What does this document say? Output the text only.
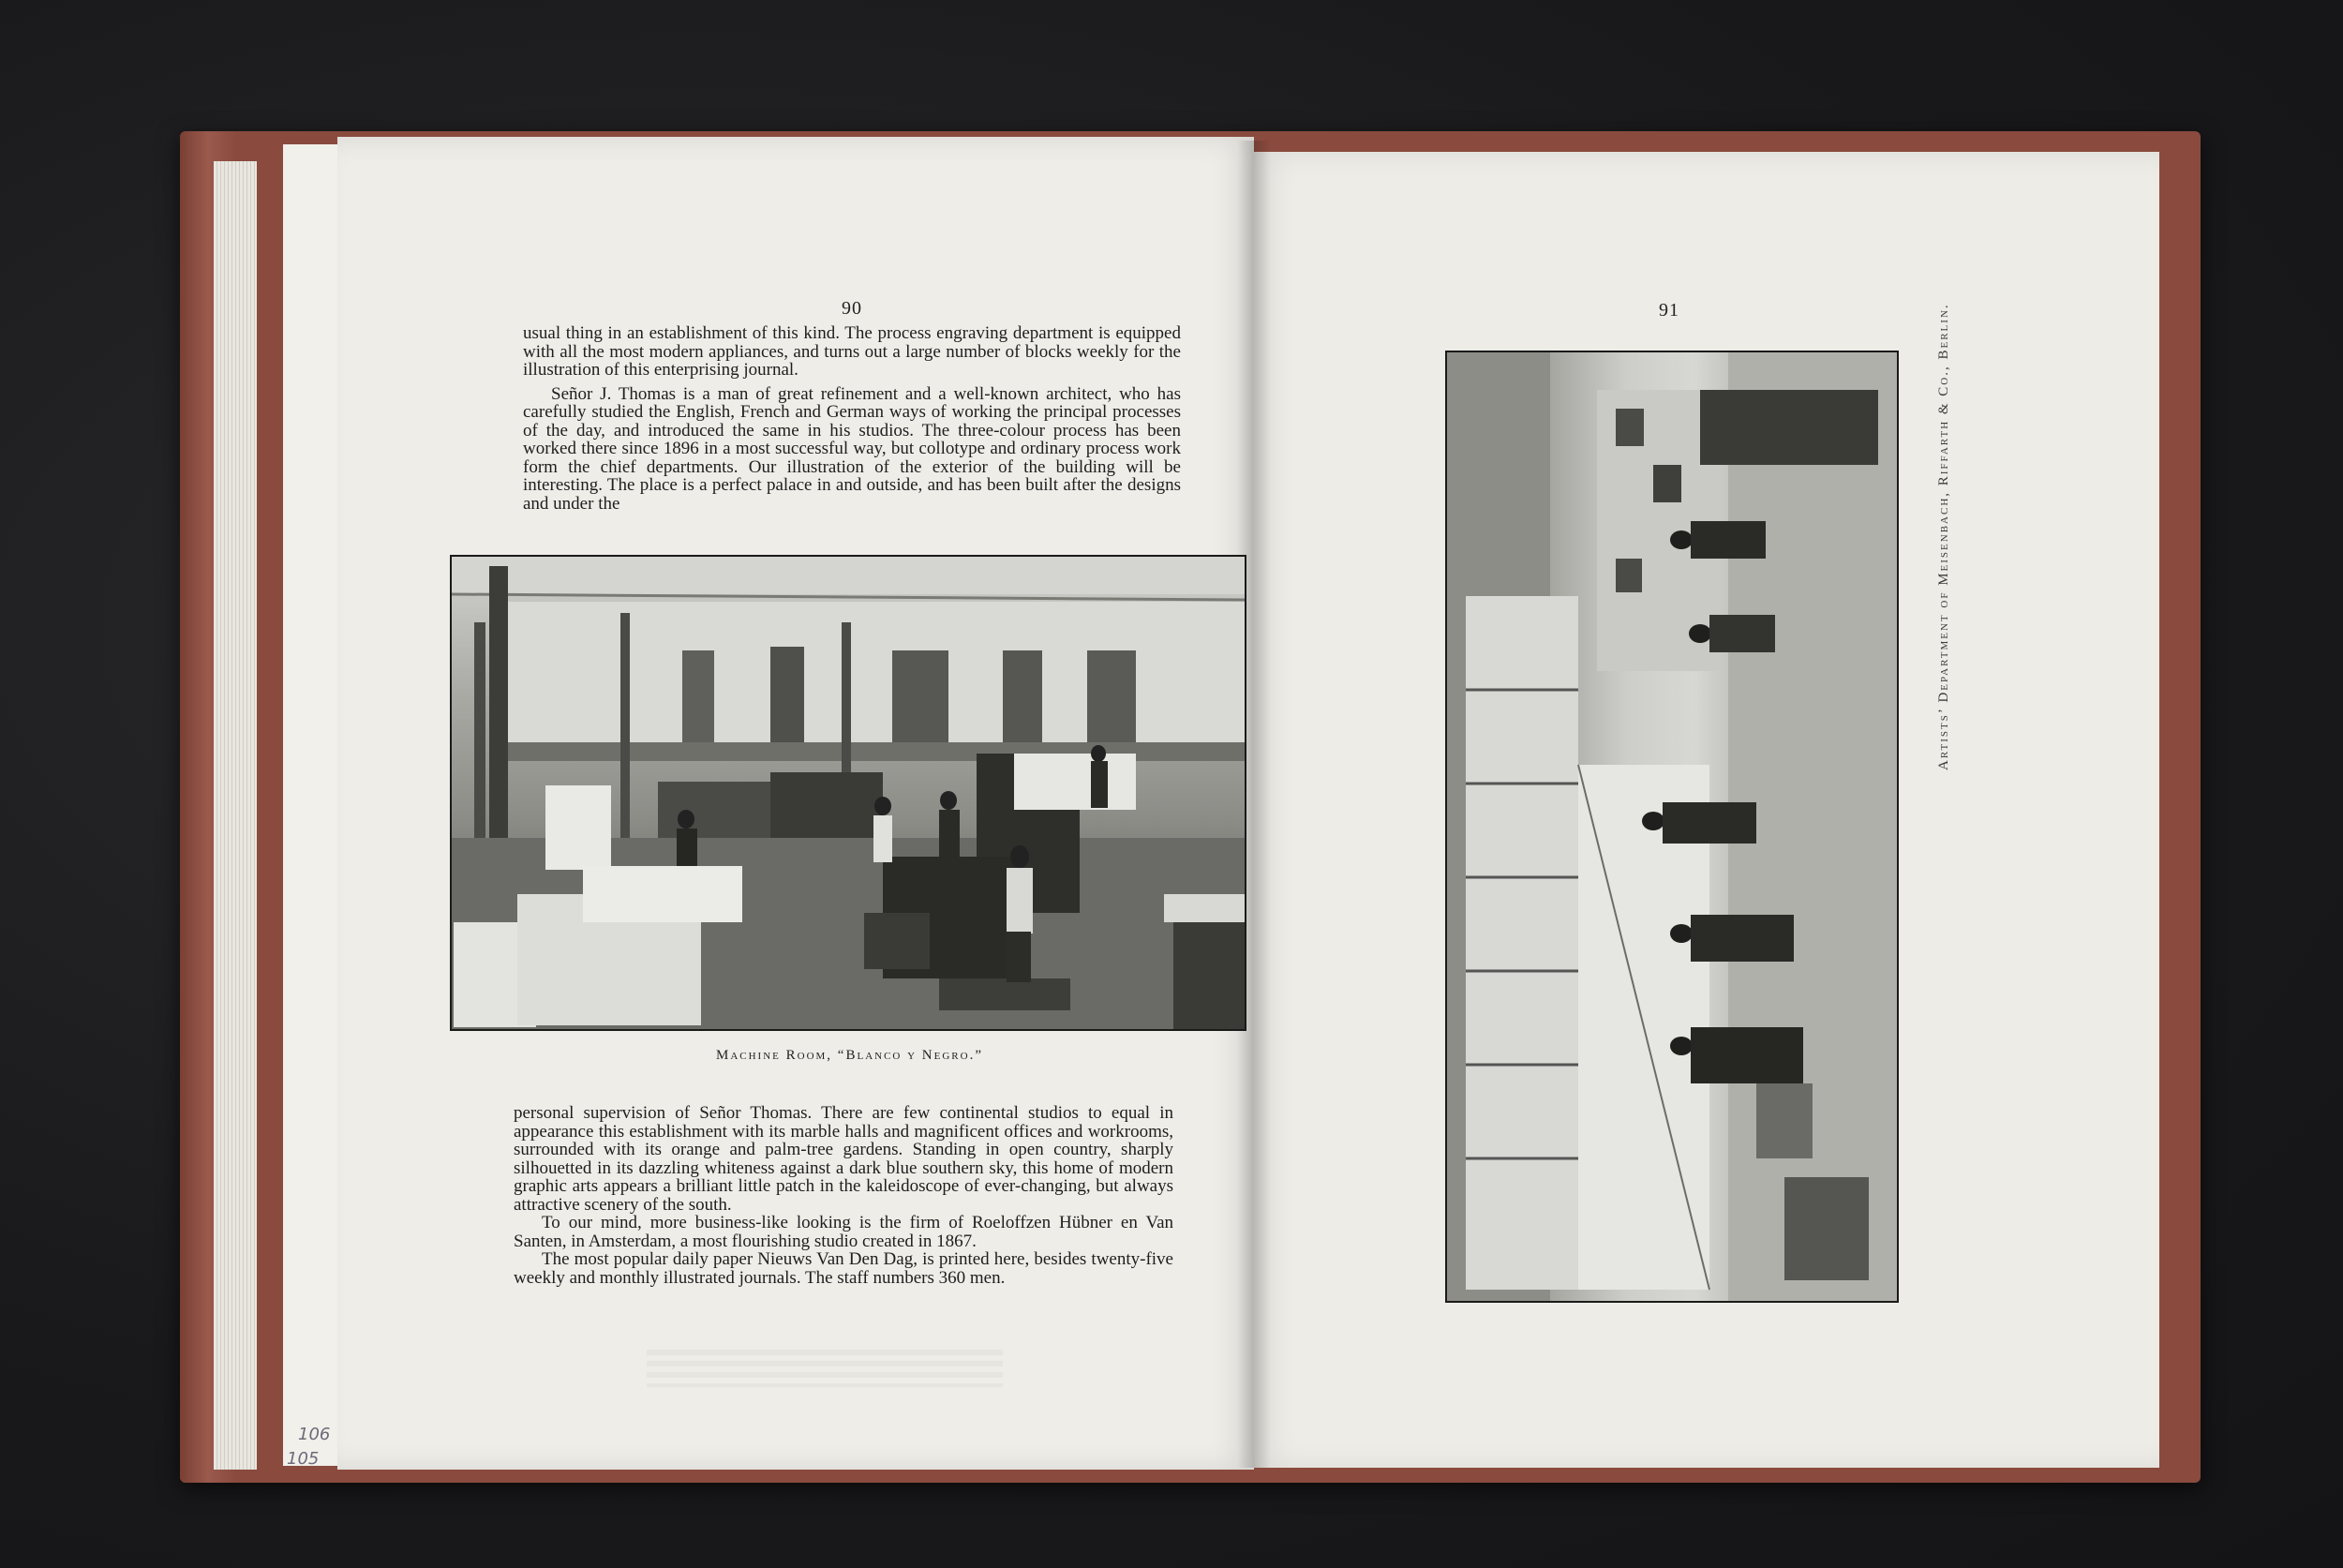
90

usual thing in an establishment of this kind. The process engraving department is equipped with all the most modern appliances, and turns out a large number of blocks weekly for the illustration of this enterprising journal.

Señor J. Thomas is a man of great refinement and a well-known architect, who has carefully studied the English, French and German ways of working the principal processes of the day, and introduced the same in his studios. The three-colour process has been worked there since 1896 in a most successful way, but collotype and ordinary process work form the chief departments. Our illustration of the exterior of the building will be interesting. The place is a perfect palace in and outside, and has been built after the designs and under the

Machine Room, “Blanco y Negro.”

personal supervision of Señor Thomas. There are few continental studios to equal in appearance this establishment with its marble halls and magnificent offices and workrooms, surrounded with its orange and palm-tree gardens. Standing in open country, sharply silhouetted in its dazzling whiteness against a dark blue southern sky, this home of modern graphic arts appears a brilliant little patch in the kaleidoscope of ever-changing, but always attractive scenery of the south.

To our mind, more business-like looking is the firm of Roeloffzen Hübner en Van Santen, in Amsterdam, a most flourishing studio created in 1867.

The most popular daily paper Nieuws Van Den Dag, is printed here, besides twenty-five weekly and monthly illustrated journals. The staff numbers 360 men.

91	Artists’ Department of Meisenbach, Riffarth & Co., Berlin.
106
105
